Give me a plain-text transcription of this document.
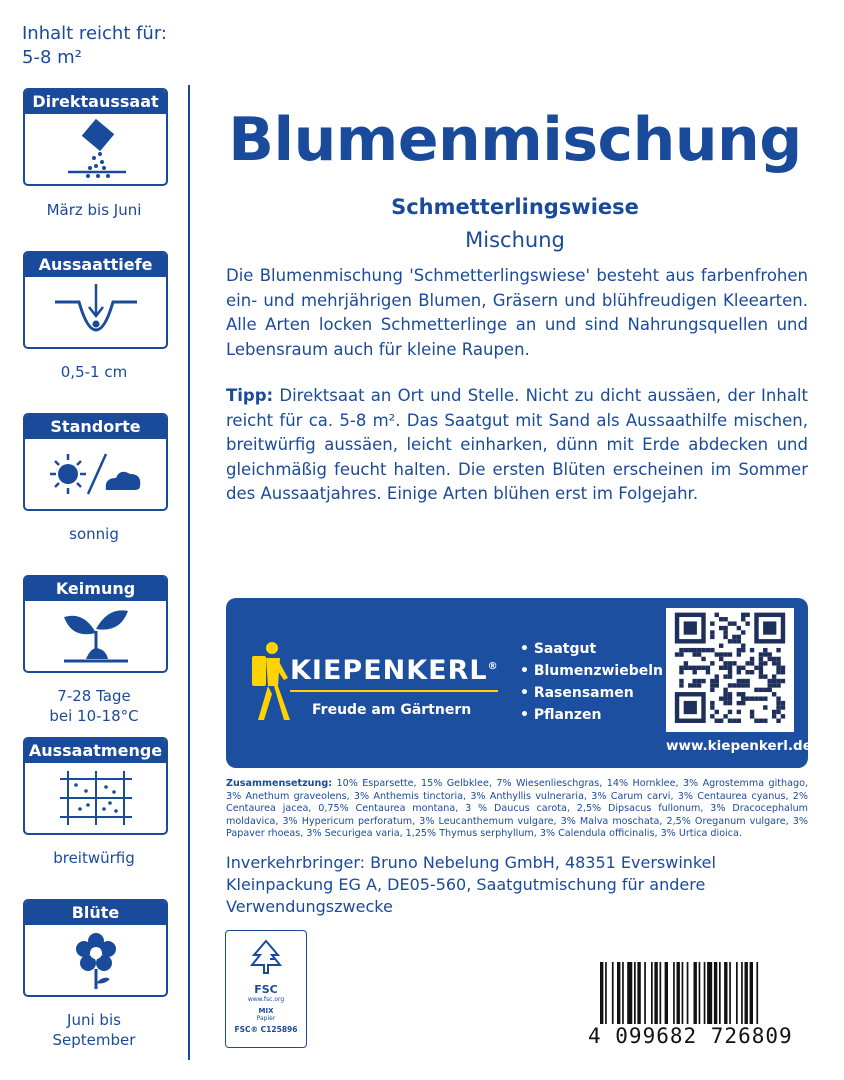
Inhalt reicht für:
5-8 m²
Direktaussaat
März bis Juni
Aussaattiefe
0,5-1 cm
Standorte
sonnig
Keimung
7-28 Tage
bei 10-18°C
Aussaatmenge
breitwürfig
Blüte
Juni bis
September
Blumenmischung
Schmetterlingswiese
Mischung
Die Blumenmischung 'Schmetterlingswiese' besteht aus farbenfrohen ein- und mehrjährigen Blumen, Gräsern und blühfreudigen Kleearten. Alle Arten locken Schmetterlinge an und sind Nahrungsquellen und Lebensraum auch für kleine Raupen.
Tipp: Direktsaat an Ort und Stelle. Nicht zu dicht aussäen, der Inhalt reicht für ca. 5-8 m². Das Saatgut mit Sand als Aussaathilfe mischen, breitwürfig aussäen, leicht einharken, dünn mit Erde abdecken und gleichmäßig feucht halten. Die ersten Blüten erscheinen im Sommer des Aussaatjahres. Einige Arten blühen erst im Folgejahr.
KIEPENKERL®
Freude am Gärtnern
• Saatgut
• Blumenzwiebeln
• Rasensamen
• Pflanzen
www.kiepenkerl.de
Zusammensetzung: 10% Esparsette, 15% Gelbklee, 7% Wiesenlieschgras, 14% Hornklee, 3% Agrostemma githago, 3% Anethum graveolens, 3% Anthemis tinctoria, 3% Anthyllis vulneraria, 3% Carum carvi, 3% Centaurea cyanus, 2% Centaurea jacea, 0,75% Centaurea montana, 3 % Daucus carota, 2,5% Dipsacus fullonum, 3% Dracocephalum moldavica, 3% Hypericum perforatum, 3% Leucanthemum vulgare, 3% Malva moschata, 2,5% Oreganum vulgare, 3% Papaver rhoeas, 3% Securigea varia, 1,25% Thymus serphyllum, 3% Calendula officinalis, 3% Urtica dioica.
Inverkehrbringer: Bruno Nebelung GmbH, 48351 Everswinkel
Kleinpackung EG A, DE05-560, Saatgutmischung für andere
Verwendungszwecke
FSC
www.fsc.org
MIX
Papier
FSC® C125896	4 099682 726809
